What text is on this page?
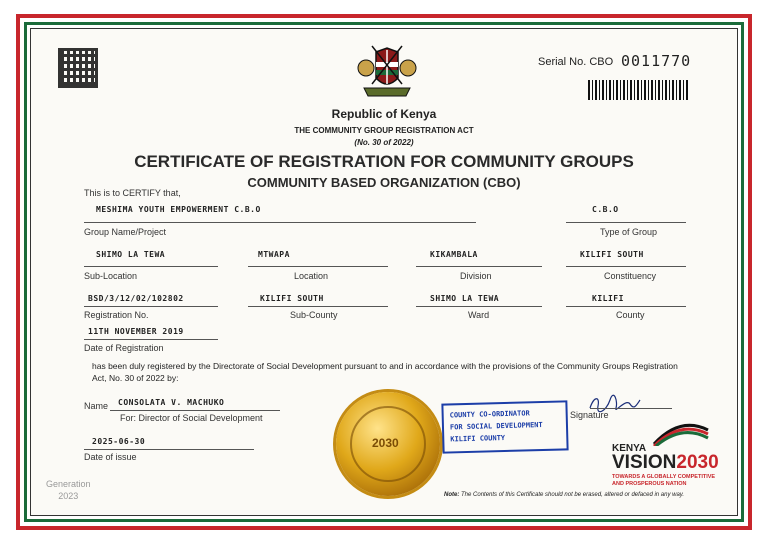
Serial No. CBO 0011770
Republic of Kenya
THE COMMUNITY GROUP REGISTRATION ACT
(No. 30 of 2022)
CERTIFICATE OF REGISTRATION FOR COMMUNITY GROUPS
COMMUNITY BASED ORGANIZATION (CBO)
This is to CERTIFY that,
MESHIMA YOUTH EMPOWERMENT C.B.O
Group Name/Project
C.B.O
Type of Group
SHIMO LA TEWA
Sub-Location
MTWAPA
Location
KIKAMBALA
Division
KILIFI SOUTH
Constituency
BSD/3/12/02/102802
Registration No.
KILIFI SOUTH
Sub-County
SHIMO LA TEWA
Ward
KILIFI
County
11TH NOVEMBER 2019
Date of Registration
has been duly registered by the Directorate of Social Development pursuant to and in accordance with the provisions of the Community Groups Registration Act, No. 30 of 2022 by:
Name CONSOLATA V. MACHUKO
For: Director of Social Development
2025-06-30
Date of issue
2030
COUNTY CO-ORDINATOR
FOR SOCIAL DEVELOPMENT
KILIFI COUNTY
Signature
KENYA
VISION2030
TOWARDS A GLOBALLY COMPETITIVE
AND PROSPEROUS NATION
Note: The Contents of this Certificate should not be erased, altered or defaced in any way.
Generation
2023
